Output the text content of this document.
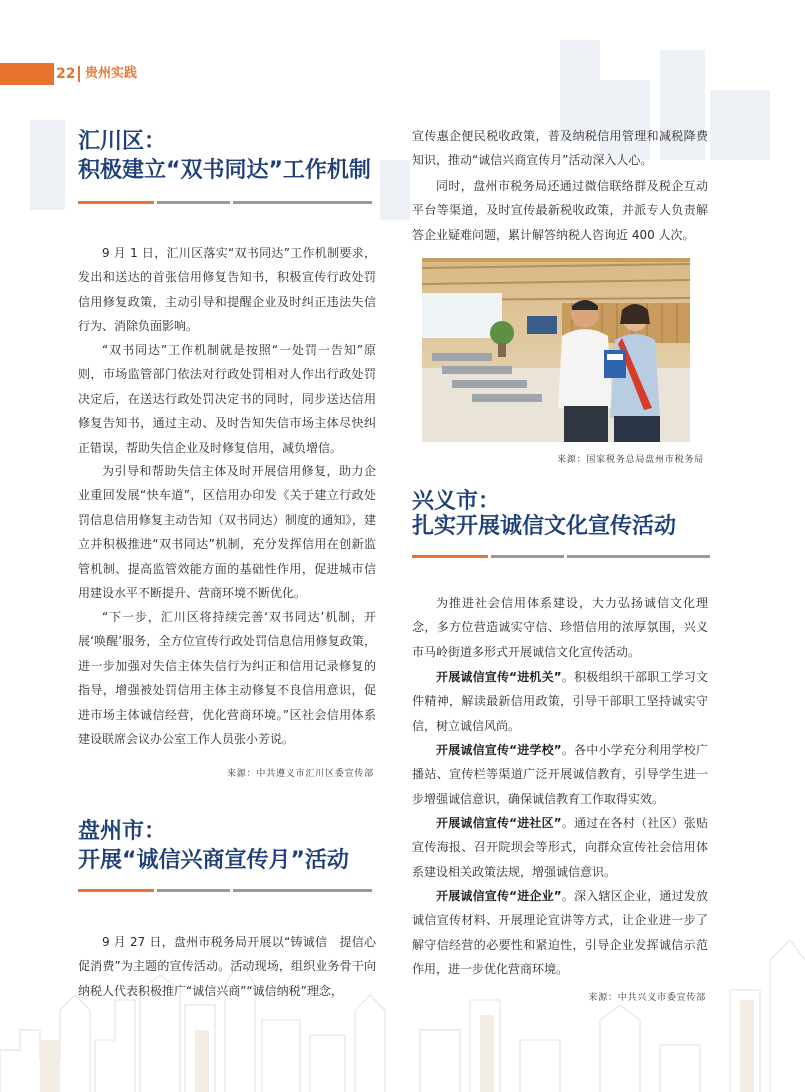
22 贵州实践
汇川区：
积极建立“双书同达”工作机制
9 月 1 日，汇川区落实“双书同达”工作机制要求，发出和送达的首张信用修复告知书，积极宣传行政处罚信用修复政策，主动引导和提醒企业及时纠正违法失信行为、消除负面影响。
“双书同达”工作机制就是按照“一处罚一告知”原则，市场监管部门依法对行政处罚相对人作出行政处罚决定后，在送达行政处罚决定书的同时，同步送达信用修复告知书，通过主动、及时告知失信市场主体尽快纠正错误，帮助失信企业及时修复信用，减负增信。
为引导和帮助失信主体及时开展信用修复，助力企业重回发展“快车道”，区信用办印发《关于建立行政处罚信息信用修复主动告知（双书同达）制度的通知》，建立并积极推进“双书同达”机制，充分发挥信用在创新监管机制、提高监管效能方面的基础性作用，促进城市信用建设水平不断提升、营商环境不断优化。
“下一步，汇川区将持续完善‘双书同达’机制，开展‘唤醒’服务，全方位宣传行政处罚信息信用修复政策，进一步加强对失信主体失信行为纠正和信用记录修复的指导，增强被处罚信用主体主动修复不良信用意识，促进市场主体诚信经营，优化营商环境。”区社会信用体系建设联席会议办公室工作人员张小芳说。
来源：中共遵义市汇川区委宣传部
盘州市：
开展“诚信兴商宣传月”活动
9 月 27 日，盘州市税务局开展以“铸诚信　提信心　促消费”为主题的宣传活动。活动现场，组织业务骨干向纳税人代表积极推广“诚信兴商”“诚信纳税”理念，
宣传惠企便民税收政策，普及纳税信用管理和减税降费知识，推动“诚信兴商宣传月”活动深入人心。
同时，盘州市税务局还通过微信联络群及税企互动平台等渠道，及时宣传最新税收政策，并派专人负责解答企业疑难问题，累计解答纳税人咨询近 400 人次。
来源：国家税务总局盘州市税务局
兴义市：
扎实开展诚信文化宣传活动
为推进社会信用体系建设，大力弘扬诚信文化理念，多方位营造诚实守信、珍惜信用的浓厚氛围，兴义市马岭街道多形式开展诚信文化宣传活动。
开展诚信宣传“进机关”。积极组织干部职工学习文件精神，解读最新信用政策，引导干部职工坚持诚实守信，树立诚信风尚。
开展诚信宣传“进学校”。各中小学充分利用学校广播站、宣传栏等渠道广泛开展诚信教育，引导学生进一步增强诚信意识，确保诚信教育工作取得实效。
开展诚信宣传“进社区”。通过在各村（社区）张贴宣传海报、召开院坝会等形式，向群众宣传社会信用体系建设相关政策法规，增强诚信意识。
开展诚信宣传“进企业”。深入辖区企业，通过发放诚信宣传材料、开展理论宣讲等方式，让企业进一步了解守信经营的必要性和紧迫性，引导企业发挥诚信示范作用，进一步优化营商环境。
来源：中共兴义市委宣传部
